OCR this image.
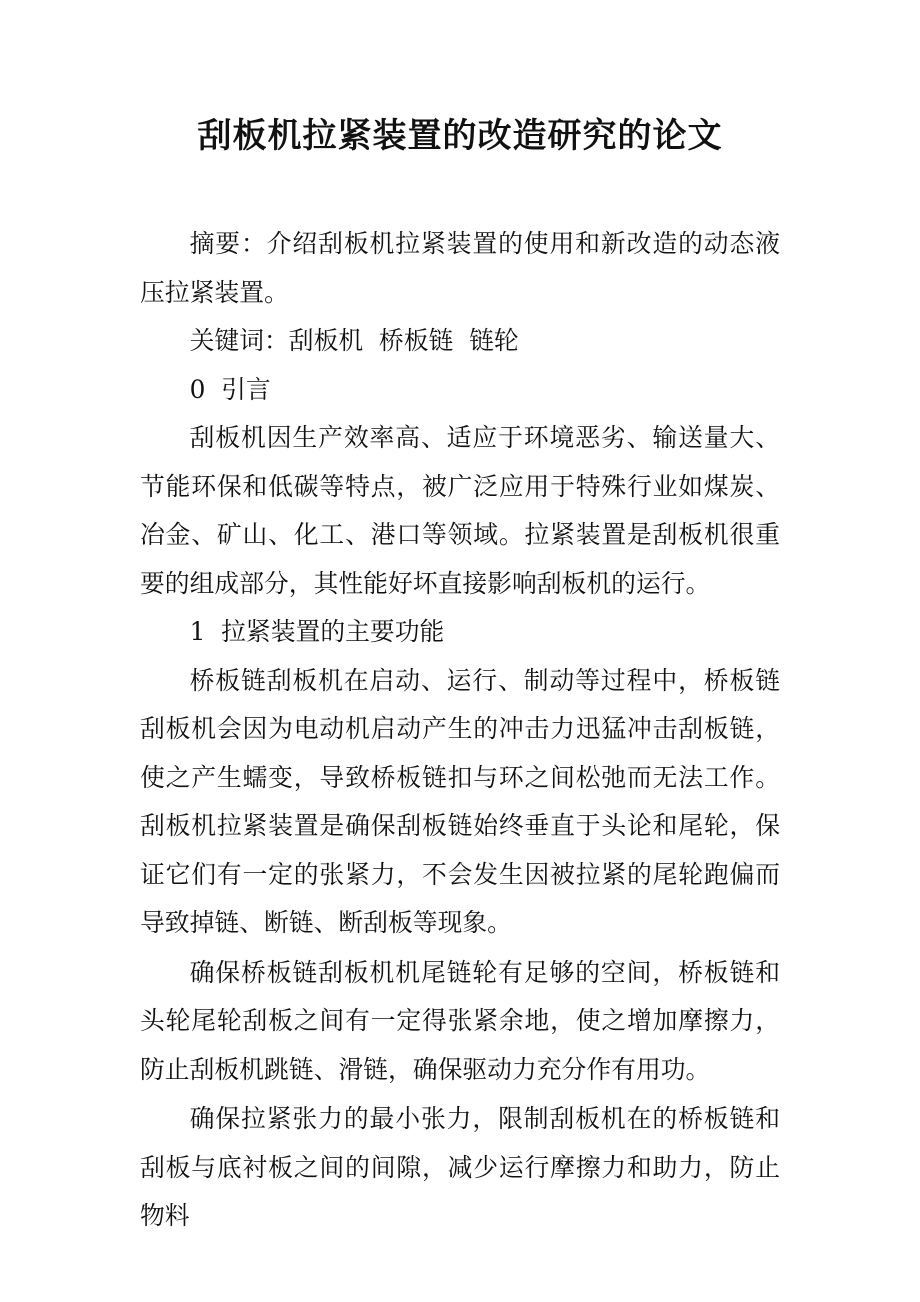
刮板机拉紧装置的改造研究的论文

摘要：介绍刮板机拉紧装置的使用和新改造的动态液压拉紧装置。

关键词：刮板机  桥板链  链轮

0  引言

刮板机因生产效率高、适应于环境恶劣、输送量大、节能环保和低碳等特点，被广泛应用于特殊行业如煤炭、冶金、矿山、化工、港口等领域。拉紧装置是刮板机很重要的组成部分，其性能好坏直接影响刮板机的运行。

1  拉紧装置的主要功能

桥板链刮板机在启动、运行、制动等过程中，桥板链刮板机会因为电动机启动产生的冲击力迅猛冲击刮板链，使之产生蠕变，导致桥板链扣与环之间松弛而无法工作。刮板机拉紧装置是确保刮板链始终垂直于头论和尾轮，保证它们有一定的张紧力，不会发生因被拉紧的尾轮跑偏而导致掉链、断链、断刮板等现象。

确保桥板链刮板机机尾链轮有足够的空间，桥板链和头轮尾轮刮板之间有一定得张紧余地，使之增加摩擦力，防止刮板机跳链、滑链，确保驱动力充分作有用功。

确保拉紧张力的最小张力，限制刮板机在的桥板链和刮板与底衬板之间的间隙，减少运行摩擦力和助力，防止物料
